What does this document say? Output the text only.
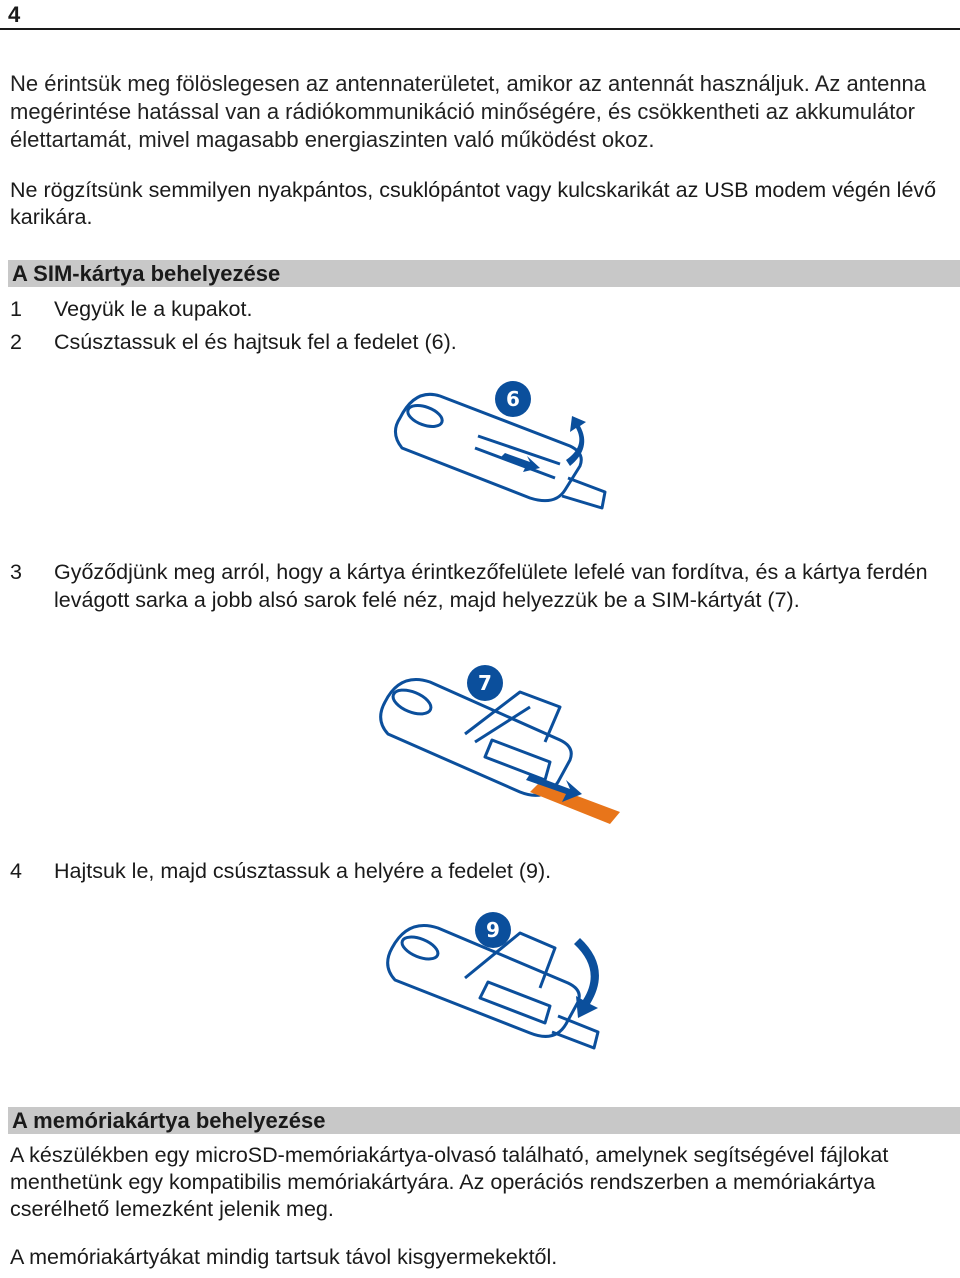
4

Ne érintsük meg fölöslegesen az antennaterületet, amikor az antennát használjuk. Az antenna megérintése hatással van a rádiókommunikáció minőségére, és csökkentheti az akkumulátor élettartamát, mivel magasabb energiaszinten való működést okoz.

Ne rögzítsünk semmilyen nyakpántos, csuklópántot vagy kulcskarikát az USB modem végén lévő karikára.

A SIM-kártya behelyezése
1 Vegyük le a kupakot.
2 Csúsztassuk el és hajtsuk fel a fedelet (6).
6
3 Győződjünk meg arról, hogy a kártya érintkezőfelülete lefelé van fordítva, és a kártya ferdén levágott sarka a jobb alsó sarok felé néz, majd helyezzük be a SIM-kártyát (7).
7
4 Hajtsuk le, majd csúsztassuk a helyére a fedelet (9).
9
A memóriakártya behelyezése

A készülékben egy microSD-memóriakártya-olvasó található, amelynek segítségével fájlokat menthetünk egy kompatibilis memóriakártyára. Az operációs rendszerben a memóriakártya cserélhető lemezként jelenik meg.

A memóriakártyákat mindig tartsuk távol kisgyermekektől.
